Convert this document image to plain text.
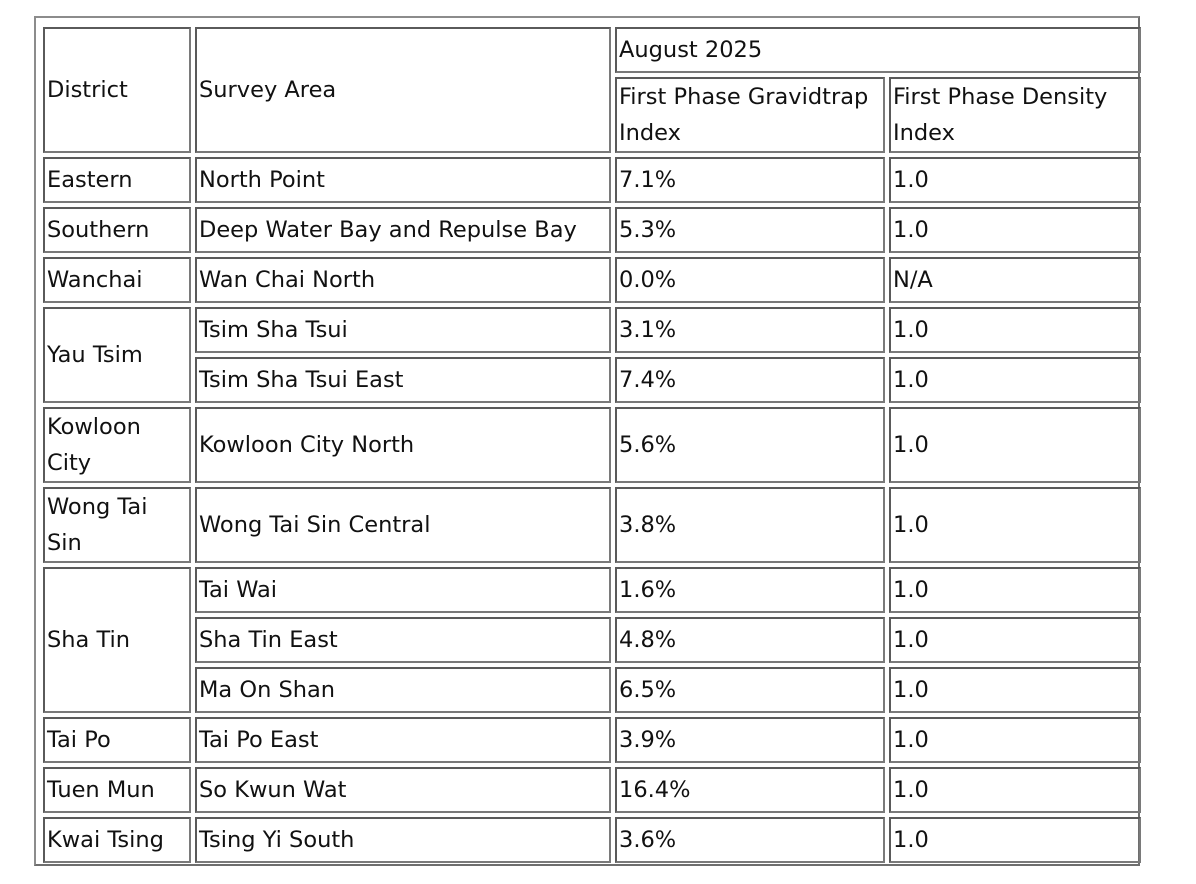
District	Survey Area	August 2025	
		First Phase Gravidtrap Index	First Phase Density Index
Eastern	North Point	7.1%	1.0
Southern	Deep Water Bay and Repulse Bay	5.3%	1.0
Wanchai	Wan Chai North	0.0%	N/A
Yau Tsim	Tsim Sha Tsui	3.1%	1.0
	Tsim Sha Tsui East	7.4%	1.0
Kowloon City	Kowloon City North	5.6%	1.0
Wong Tai Sin	Wong Tai Sin Central	3.8%	1.0
Sha Tin	Tai Wai	1.6%	1.0
	Sha Tin East	4.8%	1.0
	Ma On Shan	6.5%	1.0
Tai Po	Tai Po East	3.9%	1.0
Tuen Mun	So Kwun Wat	16.4%	1.0
Kwai Tsing	Tsing Yi South	3.6%	1.0
